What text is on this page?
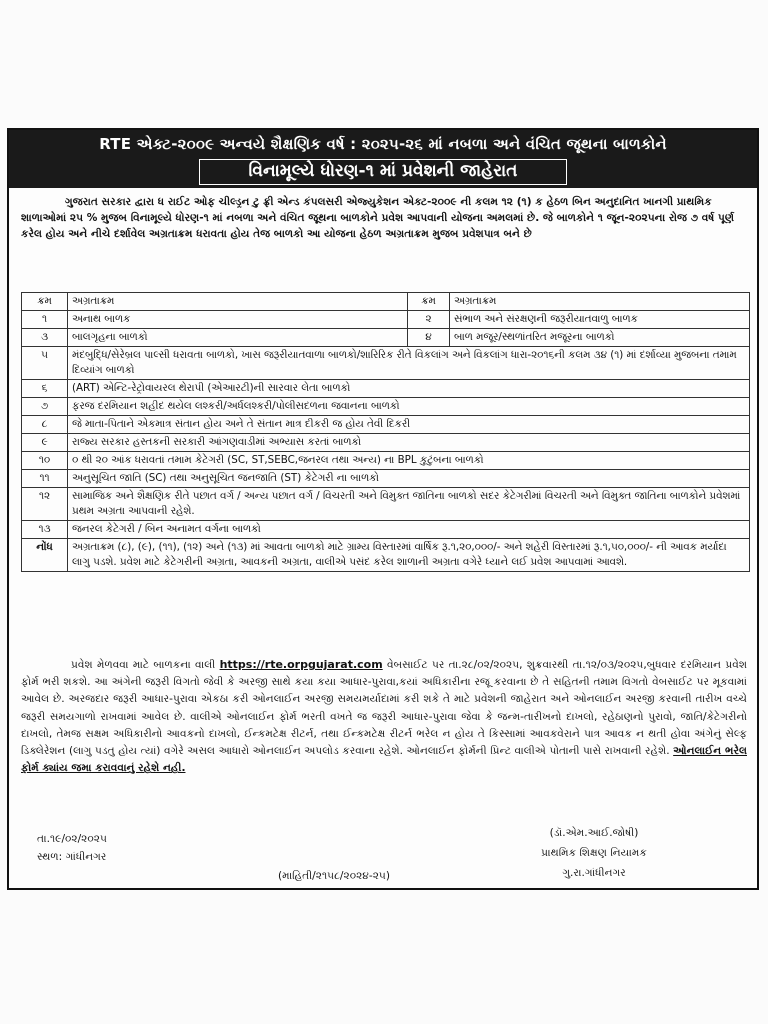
RTE એક્ટ-૨૦૦૯ અન્વયે શૈક્ષણિક વર્ષ : ૨૦૨૫-૨૬ માં નબળા અને વંચિત જૂથના બાળકોને
વિનામૂલ્યે ધોરણ-૧ માં પ્રવેશની જાહેરાત
ગુજરાત સરકાર દ્વારા ધ રાઈટ ઓફ ચીલ્ડ્રન ટુ ફ્રી એન્ડ કંપલસરી એજ્યુકેશન એક્ટ-૨૦૦૯ ની કલમ ૧૨ (૧) ક હેઠળ બિન અનુદાનિત ખાનગી પ્રાથમિક શાળાઓમાં ૨૫ % મુજબ વિનામૂલ્યે ધોરણ-૧ માં નબળા અને વંચિત જૂથના બાળકોને પ્રવેશ આપવાની યોજના અમલમાં છે. જે બાળકોને ૧ જૂન-૨૦૨૫ના રોજ ૭ વર્ષ પૂર્ણ કરેલ હોય અને નીચે દર્શાવેલ અગ્રતાક્રમ ધરાવતા હોય તેજ બાળકો આ યોજના હેઠળ અગ્રતાક્રમ મુજબ પ્રવેશપાત્ર બને છે
ક્રમ	અગ્રતાક્રમ	ક્રમ	અગ્રતાક્રમ
૧	અનાથ બાળક	૨	સંભાળ અને સંરક્ષણની જરૂરીયાતવાળુ બાળક
૩	બાલગૃહના બાળકો	૪	બાળ મજૂર/સ્થળાંતરિત મજૂરના બાળકો
૫	મંદબુદ્ધિ/સેરેબ્રલ પાલ્સી ધરાવતા બાળકો, ખાસ જરૂરીયાતવાળા બાળકો/શારિરિક રીતે વિકલાંગ અને વિકલાંગ ધારા-૨૦૧૬ની કલમ ૩૪ (૧) માં દર્શાવ્યા મુજબના તમામ દિવ્યાંગ બાળકો		
૬	(ART) એન્ટિ-રેટ્રોવાયરલ થેરાપી (એઆરટી)ની સારવાર લેતા બાળકો		
૭	ફરજ દરમિયાન શહીદ થયેલ લશ્કરી/અર્ધલશ્કરી/પોલીસદળના જવાનના બાળકો		
૮	જે માતા-પિતાને એકમાત્ર સંતાન હોય અને તે સંતાન માત્ર દીકરી જ હોય તેવી દિકરી		
૯	રાજ્ય સરકાર હસ્તકની સરકારી આંગણવાડીમાં અભ્યાસ કરતાં બાળકો		
૧૦	૦ થી ૨૦ આંક ધરાવતાં તમામ કેટેગરી (SC, ST,SEBC,જનરલ તથા અન્ય) ના BPL કુટુંબના બાળકો		
૧૧	અનુસૂચિત જાતિ (SC) તથા અનુસૂચિત જનજાતિ (ST) કેટેગરી ના બાળકો		
૧૨	સામાજિક અને શૈક્ષણિક રીતે પછાત વર્ગ / અન્ય પછાત વર્ગ / વિચરતી અને વિમુક્ત જાતિના બાળકો સદર કેટેગરીમાં વિચરતી અને વિમુક્ત જાતિના બાળકોને પ્રવેશમાં પ્રથમ અગ્રતા આપવાની રહેશે.		
૧૩	જનરલ કેટેગરી / બિન અનામત વર્ગના બાળકો		
નોંધ	અગ્રતાક્રમ (૮), (૯), (૧૧), (૧૨) અને (૧૩) માં આવતા બાળકો માટે ગ્રામ્ય વિસ્તારમાં વાર્ષિક રૂ.૧,૨૦,૦૦૦/- અને શહેરી વિસ્તારમાં રૂ.૧,૫૦,૦૦૦/- ની આવક મર્યાદા લાગુ પડશે. પ્રવેશ માટે કેટેગરીની અગ્રતા, આવકની અગ્રતા, વાલીએ પસંદ કરેલ શાળાની અગ્રતા વગેરે ધ્યાને લઈ પ્રવેશ આપવામાં આવશે.		
પ્રવેશ મેળવવા માટે બાળકના વાલી https://rte.orpgujarat.com વેબસાઈટ પર તા.૨૮/૦૨/૨૦૨૫, શુક્રવારથી તા.૧૨/૦૩/૨૦૨૫,બુધવાર દરમિયાન પ્રવેશ ફોર્મ ભરી શકશે. આ અંગેની જરૂરી વિગતો જેવી કે અરજી સાથે કયા કયા આધાર-પુરાવા,કયાં અધિકારીના રજૂ કરવાના છે તે સહિતની તમામ વિગતો વેબસાઈટ પર મૂકવામાં આવેલ છે. અરજદાર જરૂરી આધાર-પુરાવા એકઠા કરી ઓનલાઈન અરજી સમયમર્યાદામાં કરી શકે તે માટે પ્રવેશની જાહેરાત અને ઓનલાઈન અરજી કરવાની તારીખ વચ્ચે જરૂરી સમયગાળો રાખવામાં આવેલ છે. વાલીએ ઓનલાઈન ફોર્મ ભરતી વખતે જ જરૂરી આધાર-પુરાવા જેવા કે જન્મ-તારીખનો દાખલો, રહેઠાણનો પુરાવો, જાતિ/કેટેગરીનો દાખલો, તેમજ સક્ષમ અધિકારીનો આવકનો દાખલો, ઈન્કમટેક્ષ રીટર્ન, તથા ઈન્કમટેક્ષ રીટર્ન ભરેલ ન હોય તે કિસ્સામાં આવકવેરાને પાત્ર આવક ન થતી હોવા અંગેનું સેલ્ફ ડિક્લેરેશન (લાગુ પડતુ હોય ત્યાં) વગેરે અસલ આધારો ઓનલાઈન અપલોડ કરવાના રહેશે. ઓનલાઈન ફોર્મની પ્રિન્ટ વાલીએ પોતાની પાસે રાખવાની રહેશે. ઓનલાઈન ભરેલ ફોર્મ ક્યાંય જમા કરાવવાનું રહેશે નહી.
તા.૧૯/૦૨/૨૦૨૫
સ્થળ: ગાંધીનગર
(માહિતી/૨૧૫૮/૨૦૨૪-૨૫)
(ડૉ.એમ.આઈ.જોષી)
પ્રાથમિક શિક્ષણ નિયામક
ગુ.રા.ગાંધીનગર
